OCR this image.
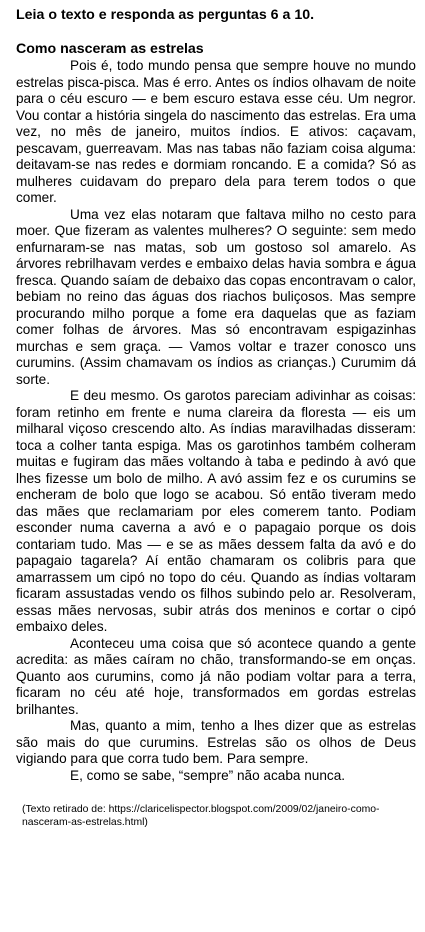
Leia o texto e responda as perguntas 6 a 10.

Como nasceram as estrelas

Pois é, todo mundo pensa que sempre houve no mundo estrelas pisca-pisca. Mas é erro. Antes os índios olhavam de noite para o céu escuro — e bem escuro estava esse céu. Um negror. Vou contar a história singela do nascimento das estrelas. Era uma vez, no mês de janeiro, muitos índios. E ativos: caçavam, pescavam, guerreavam. Mas nas tabas não faziam coisa alguma: deitavam-se nas redes e dormiam roncando. E a comida? Só as mulheres cuidavam do preparo dela para terem todos o que comer.

Uma vez elas notaram que faltava milho no cesto para moer. Que fizeram as valentes mulheres? O seguinte: sem medo enfurnaram-se nas matas, sob um gostoso sol amarelo. As árvores rebrilhavam verdes e embaixo delas havia sombra e água fresca. Quando saíam de debaixo das copas encontravam o calor, bebiam no reino das águas dos riachos buliçosos. Mas sempre procurando milho porque a fome era daquelas que as faziam comer folhas de árvores. Mas só encontravam espigazinhas murchas e sem graça. — Vamos voltar e trazer conosco uns curumins. (Assim chamavam os índios as crianças.) Curumim dá sorte.

E deu mesmo. Os garotos pareciam adivinhar as coisas: foram retinho em frente e numa clareira da floresta — eis um milharal viçoso crescendo alto. As índias maravilhadas disseram: toca a colher tanta espiga. Mas os garotinhos também colheram muitas e fugiram das mães voltando à taba e pedindo à avó que lhes fizesse um bolo de milho. A avó assim fez e os curumins se encheram de bolo que logo se acabou. Só então tiveram medo das mães que reclamariam por eles comerem tanto. Podiam esconder numa caverna a avó e o papagaio porque os dois contariam tudo. Mas — e se as mães dessem falta da avó e do papagaio tagarela? Aí então chamaram os colibris para que amarrassem um cipó no topo do céu. Quando as índias voltaram ficaram assustadas vendo os filhos subindo pelo ar. Resolveram, essas mães nervosas, subir atrás dos meninos e cortar o cipó embaixo deles.

Aconteceu uma coisa que só acontece quando a gente acredita: as mães caíram no chão, transformando-se em onças. Quanto aos curumins, como já não podiam voltar para a terra, ficaram no céu até hoje, transformados em gordas estrelas brilhantes.

Mas, quanto a mim, tenho a lhes dizer que as estrelas são mais do que curumins. Estrelas são os olhos de Deus vigiando para que corra tudo bem. Para sempre.

E, como se sabe, “sempre” não acaba nunca.

(Texto retirado de: https://claricelispector.blogspot.com/2009/02/janeiro-como-nasceram-as-estrelas.html)
